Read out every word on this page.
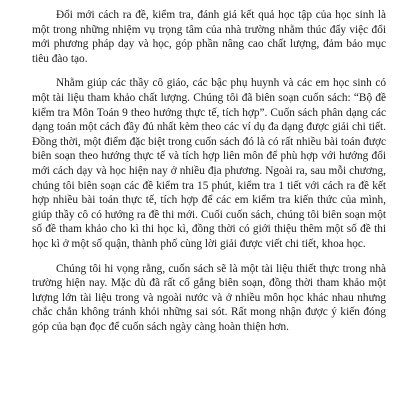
Đổi mới cách ra đề, kiểm tra, đánh giá kết quả học tập của học sinh là một trong những nhiệm vụ trọng tâm của nhà trường nhằm thúc đẩy việc đổi mới phương pháp dạy và học, góp phần nâng cao chất lượng, đảm bảo mục tiêu đào tạo.

Nhằm giúp các thầy cô giáo, các bậc phụ huynh và các em học sinh có một tài liệu tham khảo chất lượng. Chúng tôi đã biên soạn cuốn sách: “Bộ đề kiểm tra Môn Toán 9 theo hướng thực tế, tích hợp”. Cuốn sách phân dạng các dạng toán một cách đầy đủ nhất kèm theo các ví dụ đa dạng được giải chi tiết. Đồng thời, một điểm đặc biệt trong cuốn sách đó là có rất nhiều bài toán được biên soạn theo hướng thực tế và tích hợp liên môn để phù hợp với hướng đổi mới cách dạy và học hiện nay ở nhiều địa phương. Ngoài ra, sau mỗi chương, chúng tôi biên soạn các đề kiểm tra 15 phút, kiểm tra 1 tiết với cách ra đề kết hợp nhiều bài toán thực tế, tích hợp để các em kiểm tra kiến thức của mình, giúp thầy cô có hướng ra đề thi mới. Cuối cuốn sách, chúng tôi biên soạn một số đề tham khảo cho kì thi học kì, đồng thời có giới thiệu thêm một số đề thi học kì ở một số quận, thành phố cùng lời giải được viết chi tiết, khoa học.

Chúng tôi hi vọng rằng, cuốn sách sẽ là một tài liệu thiết thực trong nhà trường hiện nay. Mặc dù đã rất cố gắng biên soạn, đồng thời tham khảo một lượng lớn tài liệu trong và ngoài nước và ở nhiều môn học khác nhau nhưng chắc chắn không tránh khỏi những sai sót. Rất mong nhận được ý kiến đóng góp của bạn đọc để cuốn sách ngày càng hoàn thiện hơn.
